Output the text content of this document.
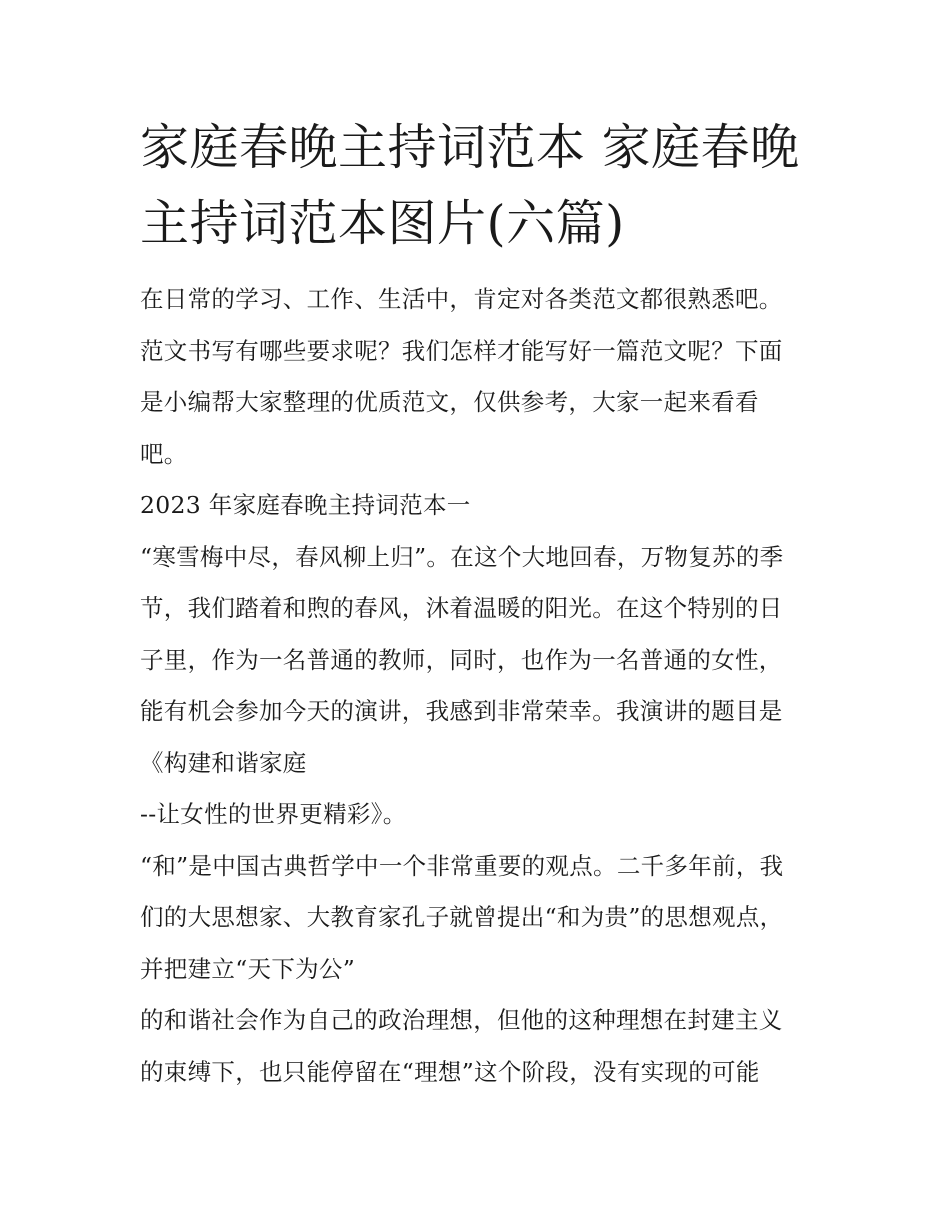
家庭春晚主持词范本 家庭春晚
主持词范本图片(六篇)
在日常的学习、工作、生活中，肯定对各类范文都很熟悉吧。
范文书写有哪些要求呢？我们怎样才能写好一篇范文呢？下面
是小编帮大家整理的优质范文，仅供参考，大家一起来看看
吧。
2023 年家庭春晚主持词范本一
“寒雪梅中尽，春风柳上归”。在这个大地回春，万物复苏的季
节，我们踏着和煦的春风，沐着温暖的阳光。在这个特别的日
子里，作为一名普通的教师，同时，也作为一名普通的女性，
能有机会参加今天的演讲，我感到非常荣幸。我演讲的题目是
《构建和谐家庭
--让女性的世界更精彩》。
“和”是中国古典哲学中一个非常重要的观点。二千多年前，我
们的大思想家、大教育家孔子就曾提出“和为贵”的思想观点，
并把建立“天下为公”
的和谐社会作为自己的政治理想，但他的这种理想在封建主义
的束缚下，也只能停留在“理想”这个阶段，没有实现的可能
